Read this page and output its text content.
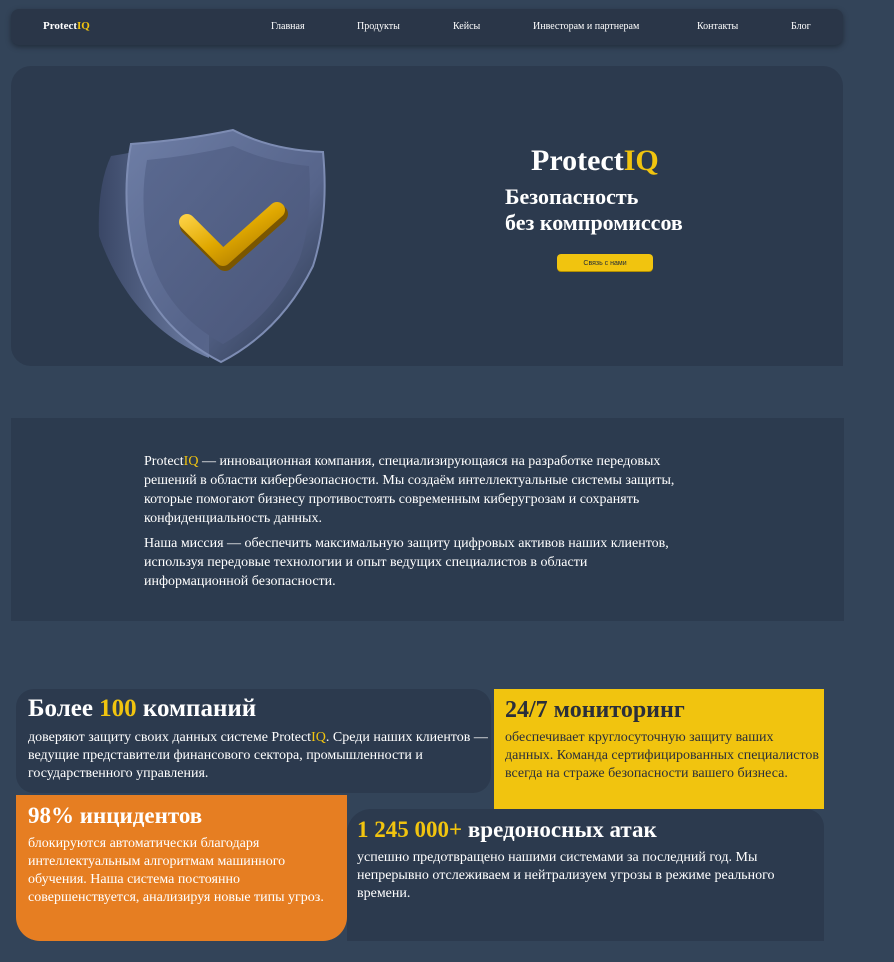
ProtectIQ	Главная	Продукты	Кейсы	Инвесторам и партнерам	Контакты	Блог
ProtectIQ
Безопасность
без компромиссов
Связь с нами

ProtectIQ — инновационная компания, специализирующаяся на разработке передовых решений в области кибербезопасности. Мы создаём интеллектуальные системы защиты, которые помогают бизнесу противостоять современным киберугрозам и сохранять конфиденциальность данных.

Наша миссия — обеспечить максимальную защиту цифровых активов наших клиентов, используя передовые технологии и опыт ведущих специалистов в области информационной безопасности.

Более 100 компаний

доверяют защиту своих данных системе ProtectIQ. Среди наших клиентов — ведущие представители финансового сектора, промышленности и государственного управления.

24/7 мониторинг

обеспечивает круглосуточную защиту ваших данных. Команда сертифицированных специалистов всегда на страже безопасности вашего бизнеса.

98% инцидентов

блокируются автоматически благодаря интеллектуальным алгоритмам машинного обучения. Наша система постоянно совершенствуется, анализируя новые типы угроз.

1 245 000+ вредоносных атак

успешно предотвращено нашими системами за последний год. Мы непрерывно отслеживаем и нейтрализуем угрозы в режиме реального времени.
